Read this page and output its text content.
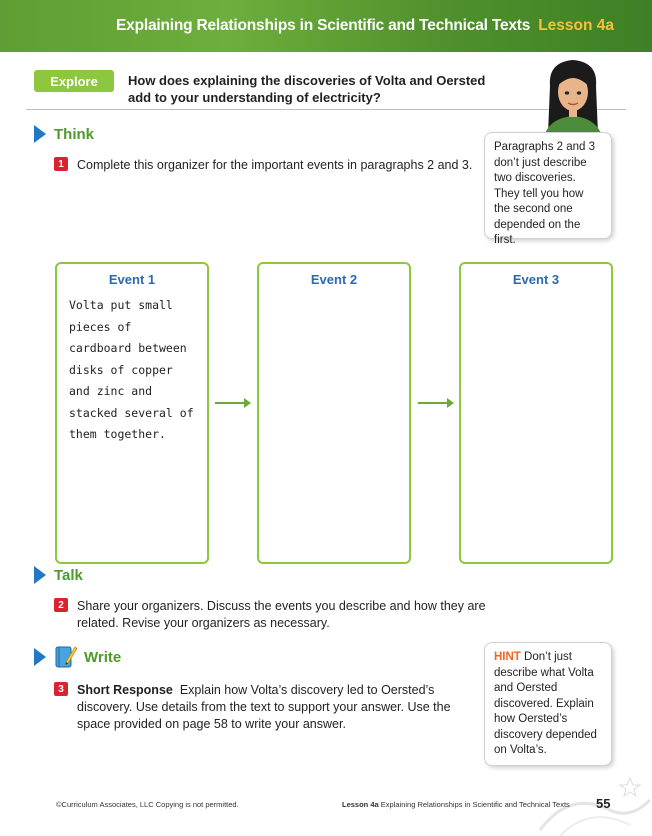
Explaining Relationships in Scientific and Technical Texts Lesson 4a
Explore	How does explaining the discoveries of Volta and Oersted add to your understanding of electricity?
Think
1	Complete this organizer for the important events in paragraphs 2 and 3.
Paragraphs 2 and 3 don’t just describe two discoveries. They tell you how the second one depended on the first.
Event 1
Volta put small pieces of cardboard between disks of copper and zinc and stacked several of them together.
Event 2	Event 3
Talk
2	Share your organizers. Discuss the events you describe and how they are related. Revise your organizers as necessary.
Write
3	Short Response Explain how Volta’s discovery led to Oersted’s discovery. Use details from the text to support your answer. Use the space provided on page 58 to write your answer.
HINT Don’t just describe what Volta and Oersted discovered. Explain how Oersted’s discovery depended on Volta’s.
©Curriculum Associates, LLC Copying is not permitted.	Lesson 4a Explaining Relationships in Scientific and Technical Texts 55
